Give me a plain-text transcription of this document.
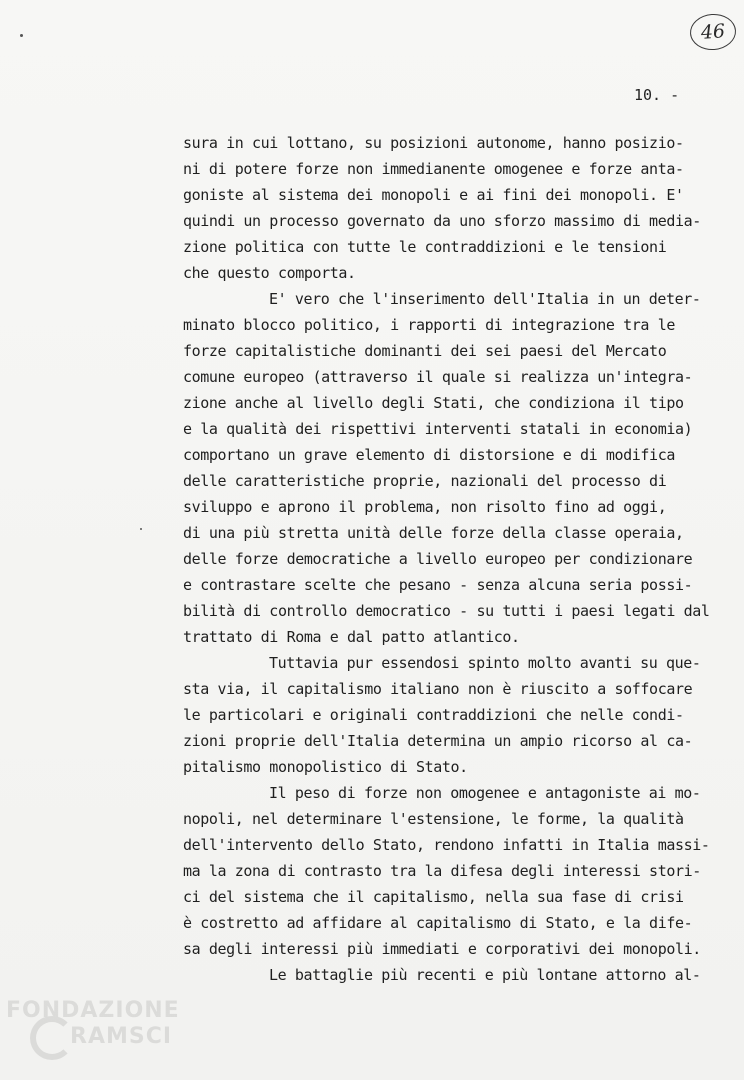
46
10. -
sura in cui lottano, su posizioni autonome, hanno posizio-
ni di potere forze non immedianente omogenee e forze anta-
goniste al sistema dei monopoli e ai fini dei monopoli. E'
quindi un processo governato da uno sforzo massimo di media-
zione politica con tutte le contraddizioni e le tensioni
che questo comporta.
E' vero che l'inserimento dell'Italia in un deter-
minato blocco politico, i rapporti di integrazione tra le
forze capitalistiche dominanti dei sei paesi del Mercato
comune europeo (attraverso il quale si realizza un'integra-
zione anche al livello degli Stati, che condiziona il tipo
e la qualità dei rispettivi interventi statali in economia)
comportano un grave elemento di distorsione e di modifica
delle caratteristiche proprie, nazionali del processo di
sviluppo e aprono il problema, non risolto fino ad oggi,
di una più stretta unità delle forze della classe operaia,
delle forze democratiche a livello europeo per condizionare
e contrastare scelte che pesano - senza alcuna seria possi-
bilità di controllo democratico - su tutti i paesi legati dal
trattato di Roma e dal patto atlantico.
Tuttavia pur essendosi spinto molto avanti su que-
sta via, il capitalismo italiano non è riuscito a soffocare
le particolari e originali contraddizioni che nelle condi-
zioni proprie dell'Italia determina un ampio ricorso al ca-
pitalismo monopolistico di Stato.
Il peso di forze non omogenee e antagoniste ai mo-
nopoli, nel determinare l'estensione, le forme, la qualità
dell'intervento dello Stato, rendono infatti in Italia massi-
ma la zona di contrasto tra la difesa degli interessi stori-
ci del sistema che il capitalismo, nella sua fase di crisi
è costretto ad affidare al capitalismo di Stato, e la dife-
sa degli interessi più immediati e corporativi dei monopoli.
Le battaglie più recenti e più lontane attorno al-
FONDAZIONE
RAMSCI
